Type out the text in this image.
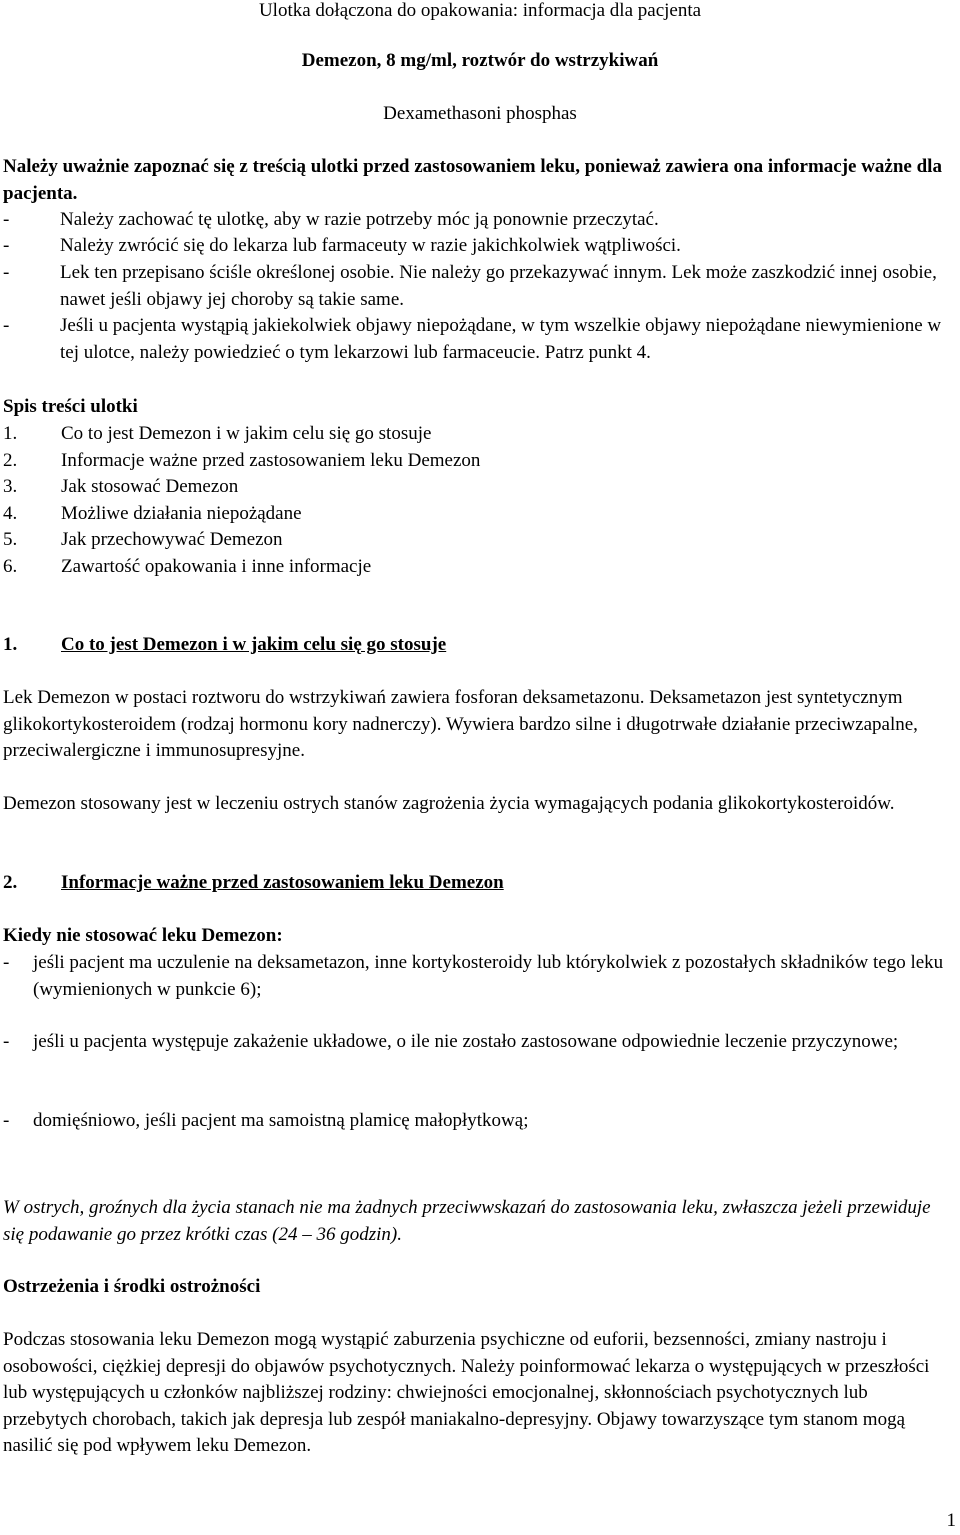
Ulotka dołączona do opakowania: informacja dla pacjenta

Demezon, 8 mg/ml, roztwór do wstrzykiwań

Dexamethasoni phosphas

Należy uważnie zapoznać się z treścią ulotki przed zastosowaniem leku, ponieważ zawiera ona informacje ważne dla pacjenta.

-	Należy zachować tę ulotkę, aby w razie potrzeby móc ją ponownie przeczytać.
-	Należy zwrócić się do lekarza lub farmaceuty w razie jakichkolwiek wątpliwości.
-	Lek ten przepisano ściśle określonej osobie. Nie należy go przekazywać innym. Lek może zaszkodzić innej osobie, nawet jeśli objawy jej choroby są takie same.
-	Jeśli u pacjenta wystąpią jakiekolwiek objawy niepożądane, w tym wszelkie objawy niepożądane niewymienione w tej ulotce, należy powiedzieć o tym lekarzowi lub farmaceucie. Patrz punkt 4.

Spis treści ulotki

1. Co to jest Demezon i w jakim celu się go stosuje
2. Informacje ważne przed zastosowaniem leku Demezon
3. Jak stosować Demezon
4. Możliwe działania niepożądane
5. Jak przechowywać Demezon
6. Zawartość opakowania i inne informacje

1. Co to jest Demezon i w jakim celu się go stosuje

Lek Demezon w postaci roztworu do wstrzykiwań zawiera fosforan deksametazonu. Deksametazon jest syntetycznym glikokortykosteroidem (rodzaj hormonu kory nadnerczy). Wywiera bardzo silne i długotrwałe działanie przeciwzapalne, przeciwalergiczne i immunosupresyjne.

Demezon stosowany jest w leczeniu ostrych stanów zagrożenia życia wymagających podania glikokortykosteroidów.

2. Informacje ważne przed zastosowaniem leku Demezon

Kiedy nie stosować leku Demezon:

-	jeśli pacjent ma uczulenie na deksametazon, inne kortykosteroidy lub którykolwiek z pozostałych składników tego leku (wymienionych w punkcie 6);
-	jeśli u pacjenta występuje zakażenie układowe, o ile nie zostało zastosowane odpowiednie leczenie przyczynowe;
-	domięśniowo, jeśli pacjent ma samoistną plamicę małopłytkową;

W ostrych, groźnych dla życia stanach nie ma żadnych przeciwwskazań do zastosowania leku, zwłaszcza jeżeli przewiduje się podawanie go przez krótki czas (24 – 36 godzin).

Ostrzeżenia i środki ostrożności

Podczas stosowania leku Demezon mogą wystąpić zaburzenia psychiczne od euforii, bezsenności, zmiany nastroju i osobowości, ciężkiej depresji do objawów psychotycznych. Należy poinformować lekarza o występujących w przeszłości lub występujących u członków najbliższej rodziny: chwiejności emocjonalnej, skłonnościach psychotycznych lub przebytych chorobach, takich jak depresja lub zespół maniakalno-depresyjny. Objawy towarzyszące tym stanom mogą nasilić się pod wpływem leku Demezon.

1
